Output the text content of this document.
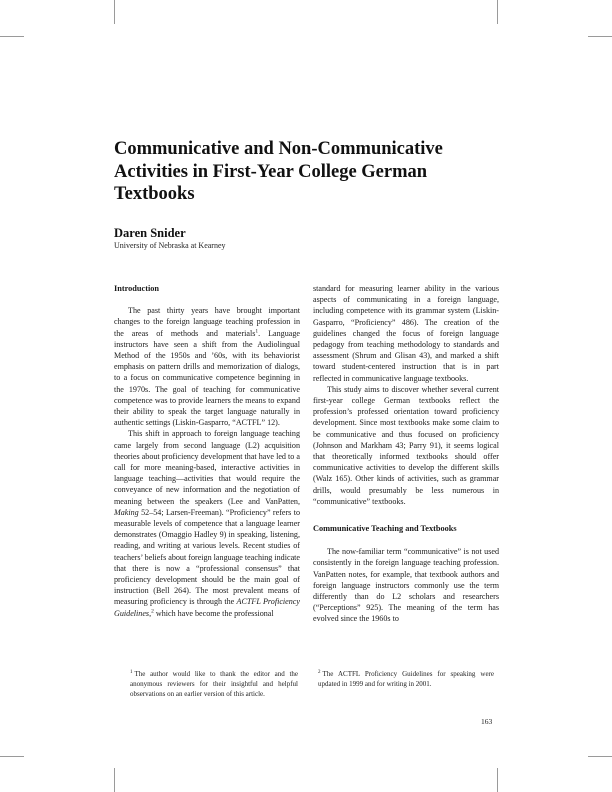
Communicative and Non-Communicative Activities in First-Year College German Textbooks
Daren Snider
University of Nebraska at Kearney
Introduction

The past thirty years have brought important changes to the foreign language teaching profession in the areas of methods and materials$^1$. Language instructors have seen a shift from the Audiolingual Method of the 1950s and ’60s, with its behaviorist emphasis on pattern drills and memorization of dialogs, to a focus on communicative competence beginning in the 1970s. The goal of teaching for communicative competence was to provide learners the means to expand their ability to speak the target language naturally in authentic settings (Liskin-Gasparro, “ACTFL” 12).

This shift in approach to foreign language teaching came largely from second language (L2) acquisition theories about proficiency development that have led to a call for more meaning-based, interactive activities in language teaching—activities that would require the conveyance of new information and the negotiation of meaning between the speakers (Lee and VanPatten, Making 52–54; Larsen-Freeman). “Proficiency” refers to measurable levels of competence that a language learner demonstrates (Omaggio Hadley 9) in speaking, listening, reading, and writing at various levels. Recent studies of teachers’ beliefs about foreign language teaching indicate that there is now a “professional consensus” that proficiency development should be the main goal of instruction (Bell 264). The most prevalent means of measuring proficiency is through the ACTFL Proficiency Guidelines,$^2$ which have become the professional

standard for measuring learner ability in the various aspects of communicating in a foreign language, including competence with its grammar system (Liskin-Gasparro, “Proficiency” 486). The creation of the guidelines changed the focus of foreign language pedagogy from teaching methodology to standards and assessment (Shrum and Glisan 43), and marked a shift toward student-centered instruction that is in part reflected in communicative language textbooks.

This study aims to discover whether several current first-year college German textbooks reflect the profession’s professed orientation toward proficiency development. Since most textbooks make some claim to be communicative and thus focused on proficiency (Johnson and Markham 43; Parry 91), it seems logical that theoretically informed textbooks should offer communicative activities to develop the different skills (Walz 165). Other kinds of activities, such as grammar drills, would presumably be less numerous in “communicative” textbooks.

Communicative Teaching and Textbooks

The now-familiar term “communicative” is not used consistently in the foreign language teaching profession. VanPatten notes, for example, that textbook authors and foreign language instructors commonly use the term differently than do L2 scholars and researchers (“Perceptions” 925). The meaning of the term has evolved since the 1960s to

$^1$ The author would like to thank the editor and the anonymous reviewers for their insightful and helpful observations on an earlier version of this article.
$^2$ The ACTFL Proficiency Guidelines for speaking were updated in 1999 and for writing in 2001.
163
